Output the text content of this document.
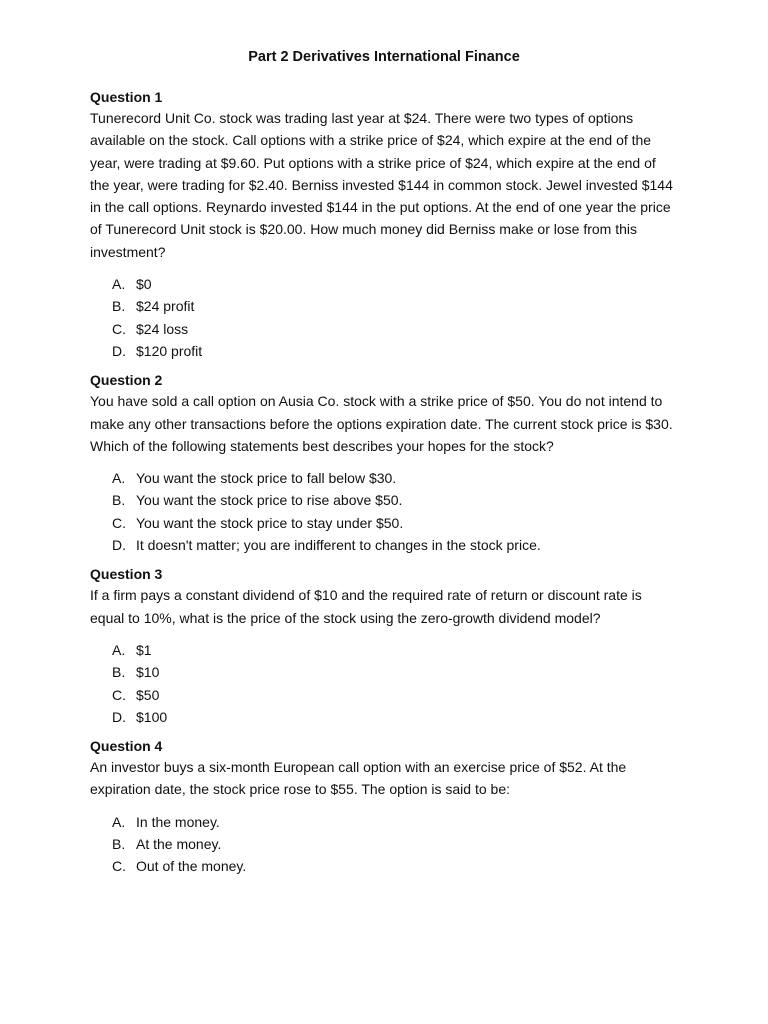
Part 2 Derivatives International Finance

Question 1

Tunerecord Unit Co. stock was trading last year at $24. There were two types of options available on the stock. Call options with a strike price of $24, which expire at the end of the year, were trading at $9.60. Put options with a strike price of $24, which expire at the end of the year, were trading for $2.40. Berniss invested $144 in common stock. Jewel invested $144 in the call options. Reynardo invested $144 in the put options. At the end of one year the price of Tunerecord Unit stock is $20.00. How much money did Berniss make or lose from this investment?

A. $0
B. $24 profit
C. $24 loss
D. $120 profit

Question 2

You have sold a call option on Ausia Co. stock with a strike price of $50. You do not intend to make any other transactions before the options expiration date. The current stock price is $30. Which of the following statements best describes your hopes for the stock?

A. You want the stock price to fall below $30.
B. You want the stock price to rise above $50.
C. You want the stock price to stay under $50.
D. It doesn't matter; you are indifferent to changes in the stock price.

Question 3

If a firm pays a constant dividend of $10 and the required rate of return or discount rate is equal to 10%, what is the price of the stock using the zero-growth dividend model?

A. $1
B. $10
C. $50
D. $100

Question 4

An investor buys a six-month European call option with an exercise price of $52. At the expiration date, the stock price rose to $55. The option is said to be:

A. In the money.
B. At the money.
C. Out of the money.
